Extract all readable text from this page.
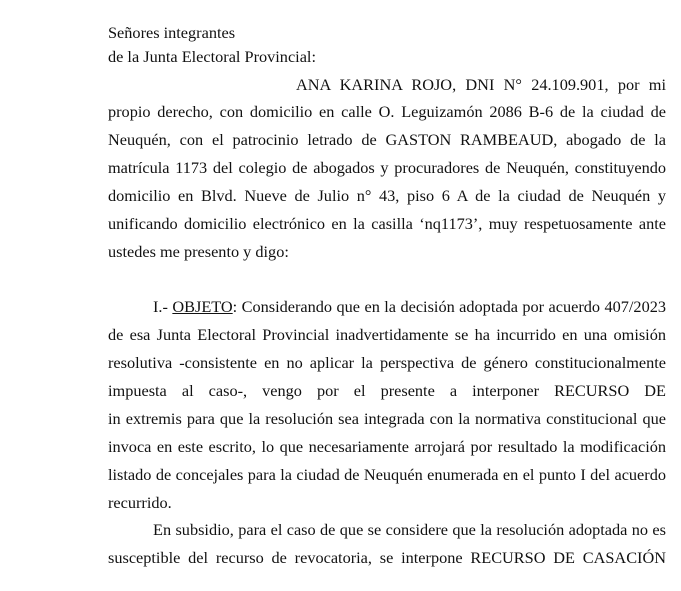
Señores integrantes

de la Junta Electoral Provincial:

ANA KARINA ROJO, DNI N° 24.109.901, por mi

propio derecho, con domicilio en calle O. Leguizamón 2086 B-6 de la ciudad de

Neuquén, con el patrocinio letrado de GASTON RAMBEAUD, abogado de la

matrícula 1173 del colegio de abogados y procuradores de Neuquén, constituyendo

domicilio en Blvd. Nueve de Julio n° 43, piso 6 A de la ciudad de Neuquén y

unificando domicilio electrónico en la casilla ‘nq1173’, muy respetuosamente ante

ustedes me presento y digo:

I.- OBJETO: Considerando que en la decisión adoptada por acuerdo 407/2023

de esa Junta Electoral Provincial inadvertidamente se ha incurrido en una omisión

resolutiva -consistente en no aplicar la perspectiva de género constitucionalmente

impuesta al caso-, vengo por el presente a interponer RECURSO DE

in extremis para que la resolución sea integrada con la normativa constitucional que

invoca en este escrito, lo que necesariamente arrojará por resultado la modificación

listado de concejales para la ciudad de Neuquén enumerada en el punto I del acuerdo

recurrido.

En subsidio, para el caso de que se considere que la resolución adoptada no es

susceptible del recurso de revocatoria, se interpone RECURSO DE CASACIÓN
